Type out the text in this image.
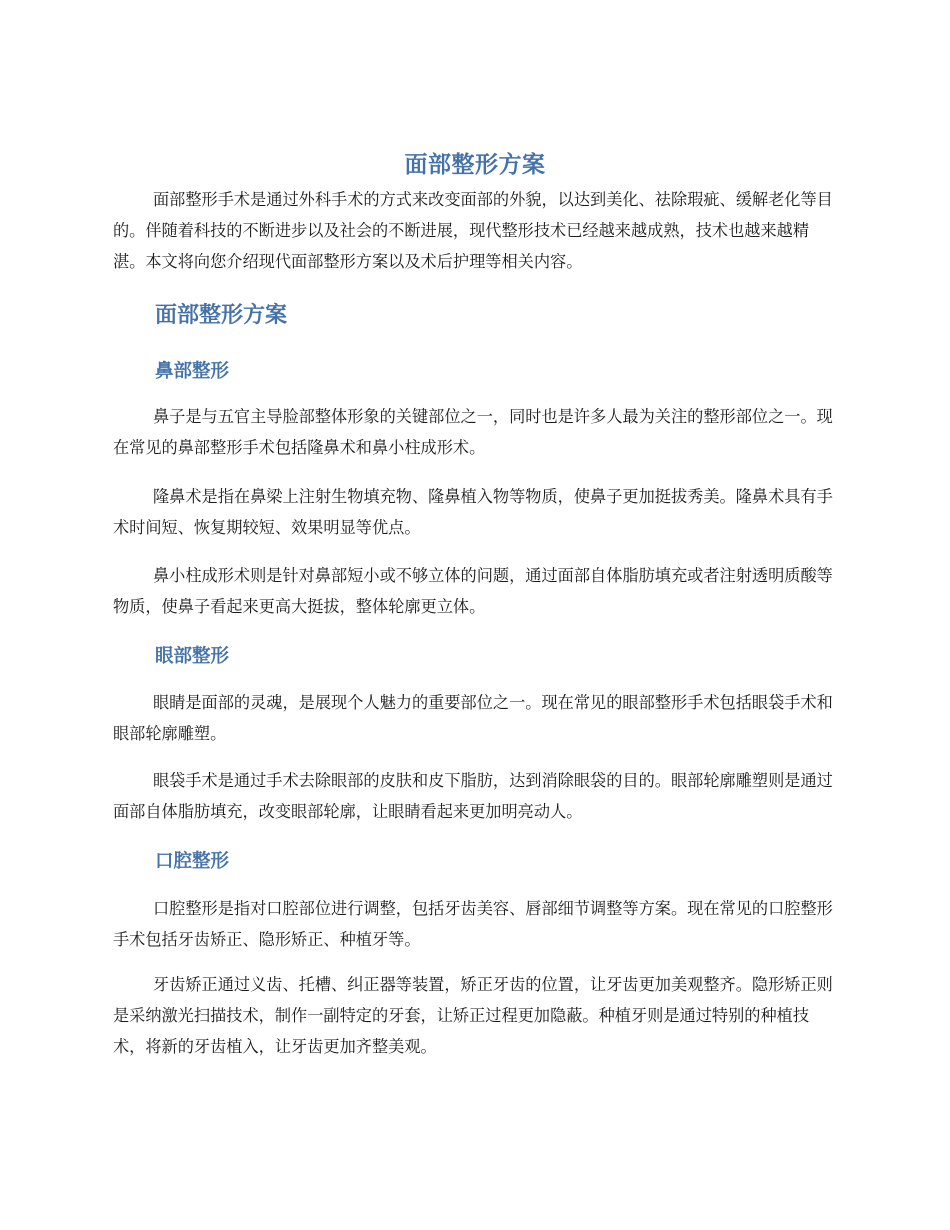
面部整形方案

面部整形手术是通过外科手术的方式来改变面部的外貌，以达到美化、祛除瑕疵、缓解老化等目的。伴随着科技的不断进步以及社会的不断进展，现代整形技术已经越来越成熟，技术也越来越精湛。本文将向您介绍现代面部整形方案以及术后护理等相关内容。

面部整形方案
鼻部整形

鼻子是与五官主导脸部整体形象的关键部位之一，同时也是许多人最为关注的整形部位之一。现在常见的鼻部整形手术包括隆鼻术和鼻小柱成形术。

隆鼻术是指在鼻梁上注射生物填充物、隆鼻植入物等物质，使鼻子更加挺拔秀美。隆鼻术具有手术时间短、恢复期较短、效果明显等优点。

鼻小柱成形术则是针对鼻部短小或不够立体的问题，通过面部自体脂肪填充或者注射透明质酸等物质，使鼻子看起来更高大挺拔，整体轮廓更立体。

眼部整形

眼睛是面部的灵魂，是展现个人魅力的重要部位之一。现在常见的眼部整形手术包括眼袋手术和眼部轮廓雕塑。

眼袋手术是通过手术去除眼部的皮肤和皮下脂肪，达到消除眼袋的目的。眼部轮廓雕塑则是通过面部自体脂肪填充，改变眼部轮廓，让眼睛看起来更加明亮动人。

口腔整形

口腔整形是指对口腔部位进行调整，包括牙齿美容、唇部细节调整等方案。现在常见的口腔整形手术包括牙齿矫正、隐形矫正、种植牙等。

牙齿矫正通过义齿、托槽、纠正器等装置，矫正牙齿的位置，让牙齿更加美观整齐。隐形矫正则是采纳激光扫描技术，制作一副特定的牙套，让矫正过程更加隐蔽。种植牙则是通过特别的种植技术，将新的牙齿植入，让牙齿更加齐整美观。
